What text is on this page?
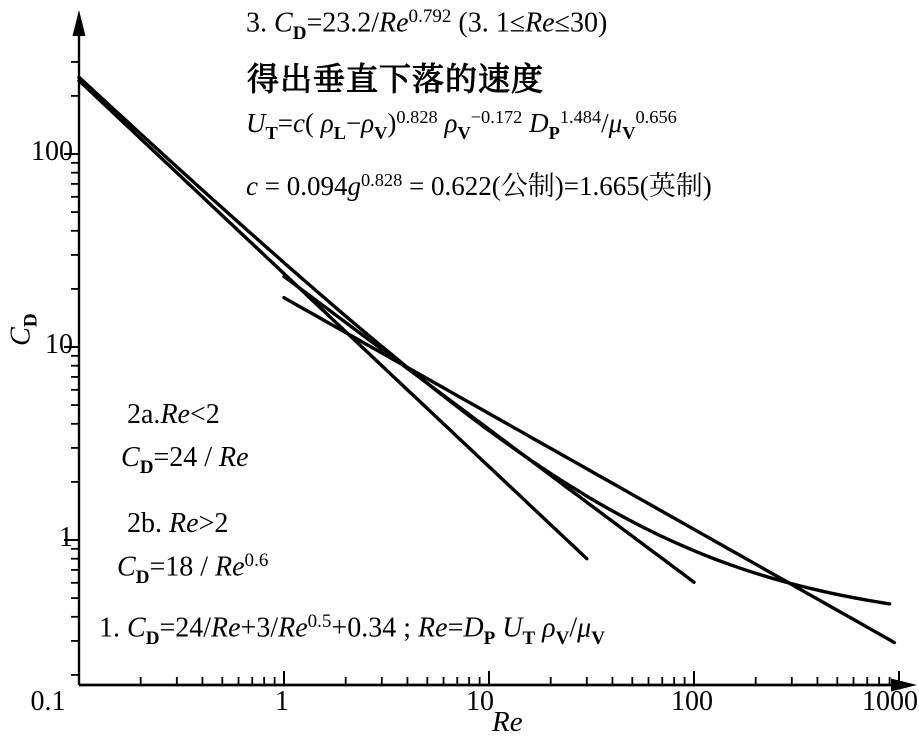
3. $C_D=23.2/Re^{0.792}$ (3. 1≤Re≤30)
得出垂直下落的速度
$U_T=c$( $\rho_L-\rho_V)^{0.828}$ $\rho_V^{-0.172}$ $D_P^{1.484}/\mu_V^{0.656}$
$c = 0.094g^{0.828} = 0.622$(公制)=1.665(英制)
2a.Re<2
$C_D=24 / Re$
2b. Re>2
$C_D=18 / Re^{0.6}$
1. $C_D=24/Re+3/Re^{0.5}+0.34$ ; $Re=D_P$ $U_T$ $\rho_V/\mu_V$
$C_D$
Re
0.1	1	10	100	1000
1
10
100
